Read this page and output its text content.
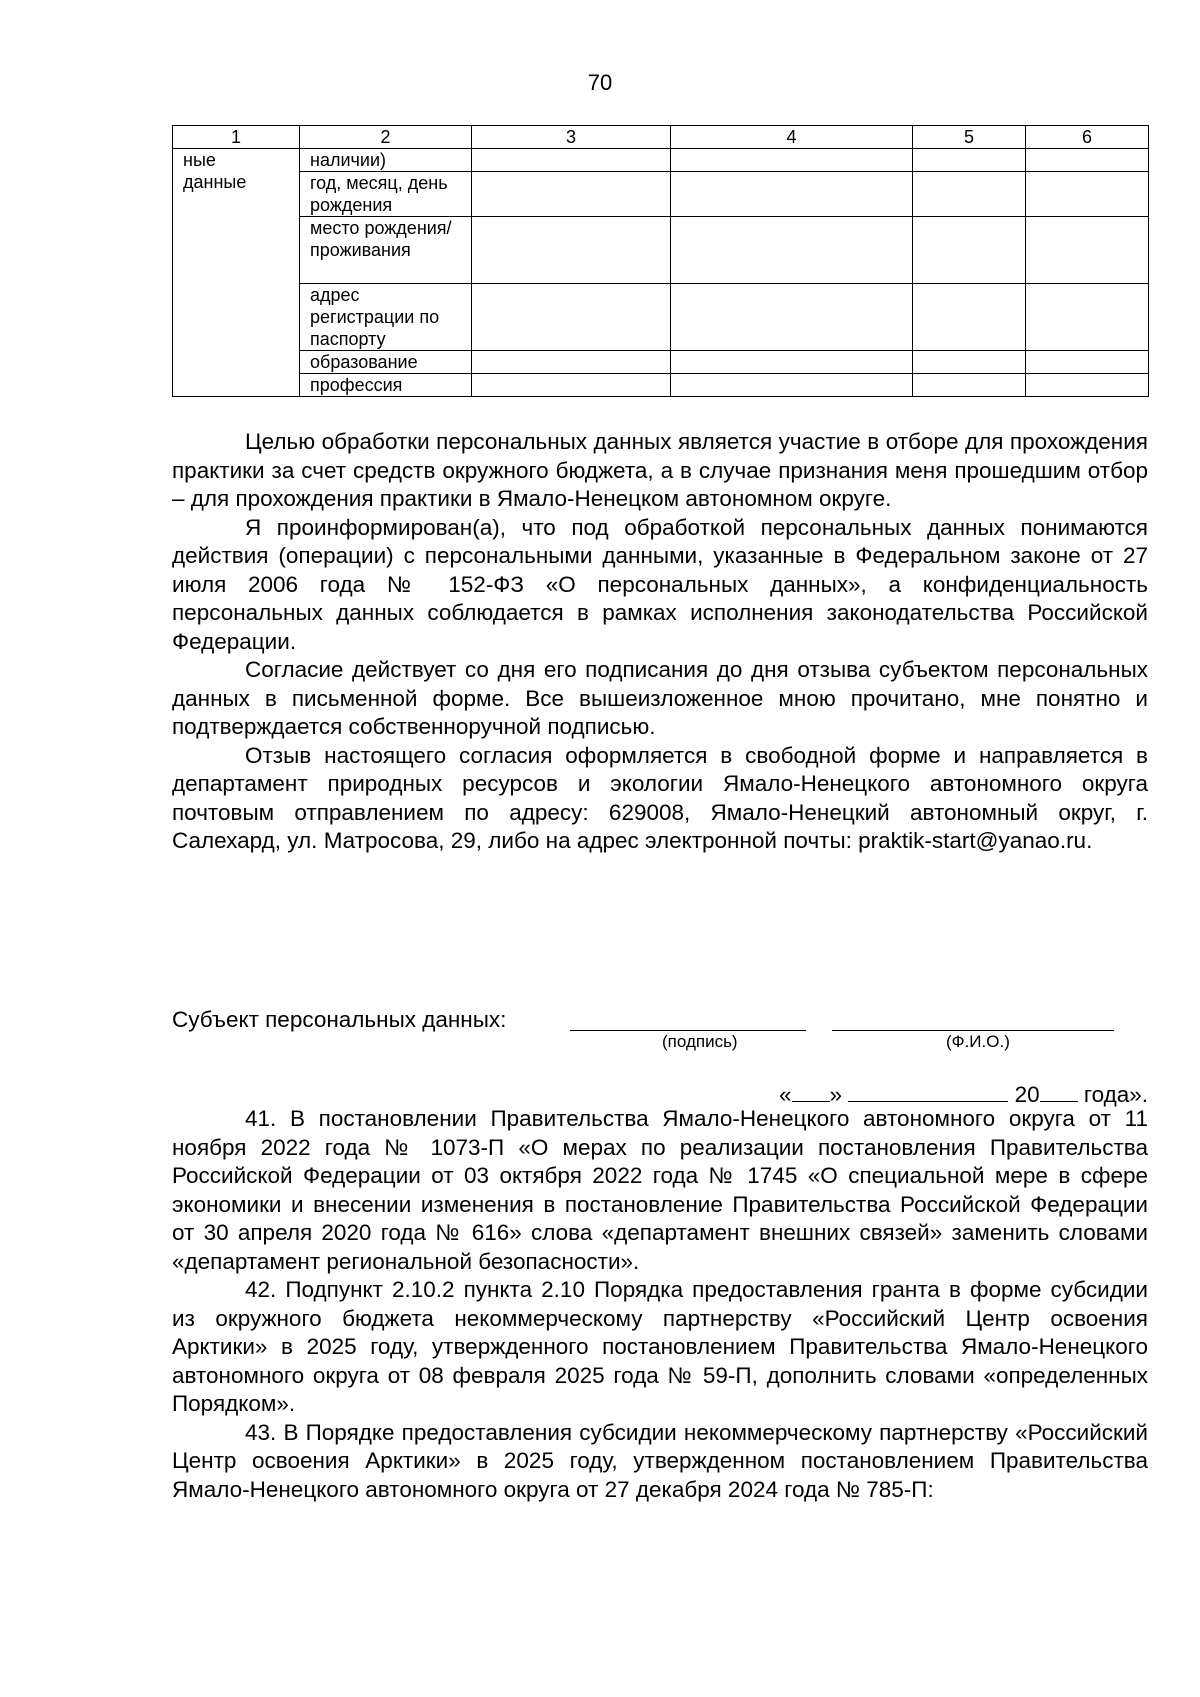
70
1	2	3	4	5	6

ные
данные	наличии)				
	год, месяц, день рождения				
	место рождения/ проживания				
	адрес регистрации по паспорту				
	образование				
	профессия				

Целью обработки персональных данных является участие в отборе для прохождения практики за счет средств окружного бюджета, а в случае признания меня прошедшим отбор – для прохождения практики в Ямало-Ненецком автономном округе.

Я проинформирован(а), что под обработкой персональных данных понимаются действия (операции) с персональными данными, указанные в Федеральном законе от 27 июля 2006 года № 152-ФЗ «О персональных данных», а конфиденциальность персональных данных соблюдается в рамках исполнения законодательства Российской Федерации.

Согласие действует со дня его подписания до дня отзыва субъектом персональных данных в письменной форме. Все вышеизложенное мною прочитано, мне понятно и подтверждается собственноручной подписью.

Отзыв настоящего согласия оформляется в свободной форме и направляется в департамент природных ресурсов и экологии Ямало-Ненецкого автономного округа почтовым отправлением по адресу: 629008, Ямало-Ненецкий автономный округ, г. Салехард, ул. Матросова, 29, либо на адрес электронной почты: praktik-start@yanao.ru.

Субъект персональных данных:
(подпись)	(Ф.И.О.)
« »	20 года».

41. В постановлении Правительства Ямало-Ненецкого автономного округа от 11 ноября 2022 года № 1073-П «О мерах по реализации постановления Правительства Российской Федерации от 03 октября 2022 года № 1745 «О специальной мере в сфере экономики и внесении изменения в постановление Правительства Российской Федерации от 30 апреля 2020 года № 616» слова «департамент внешних связей» заменить словами «департамент региональной безопасности».

42. Подпункт 2.10.2 пункта 2.10 Порядка предоставления гранта в форме субсидии из окружного бюджета некоммерческому партнерству «Российский Центр освоения Арктики» в 2025 году, утвержденного постановлением Правительства Ямало-Ненецкого автономного округа от 08 февраля 2025 года № 59-П, дополнить словами «определенных Порядком».

43. В Порядке предоставления субсидии некоммерческому партнерству «Российский Центр освоения Арктики» в 2025 году, утвержденном постановлением Правительства Ямало-Ненецкого автономного округа от 27 декабря 2024 года № 785-П:
